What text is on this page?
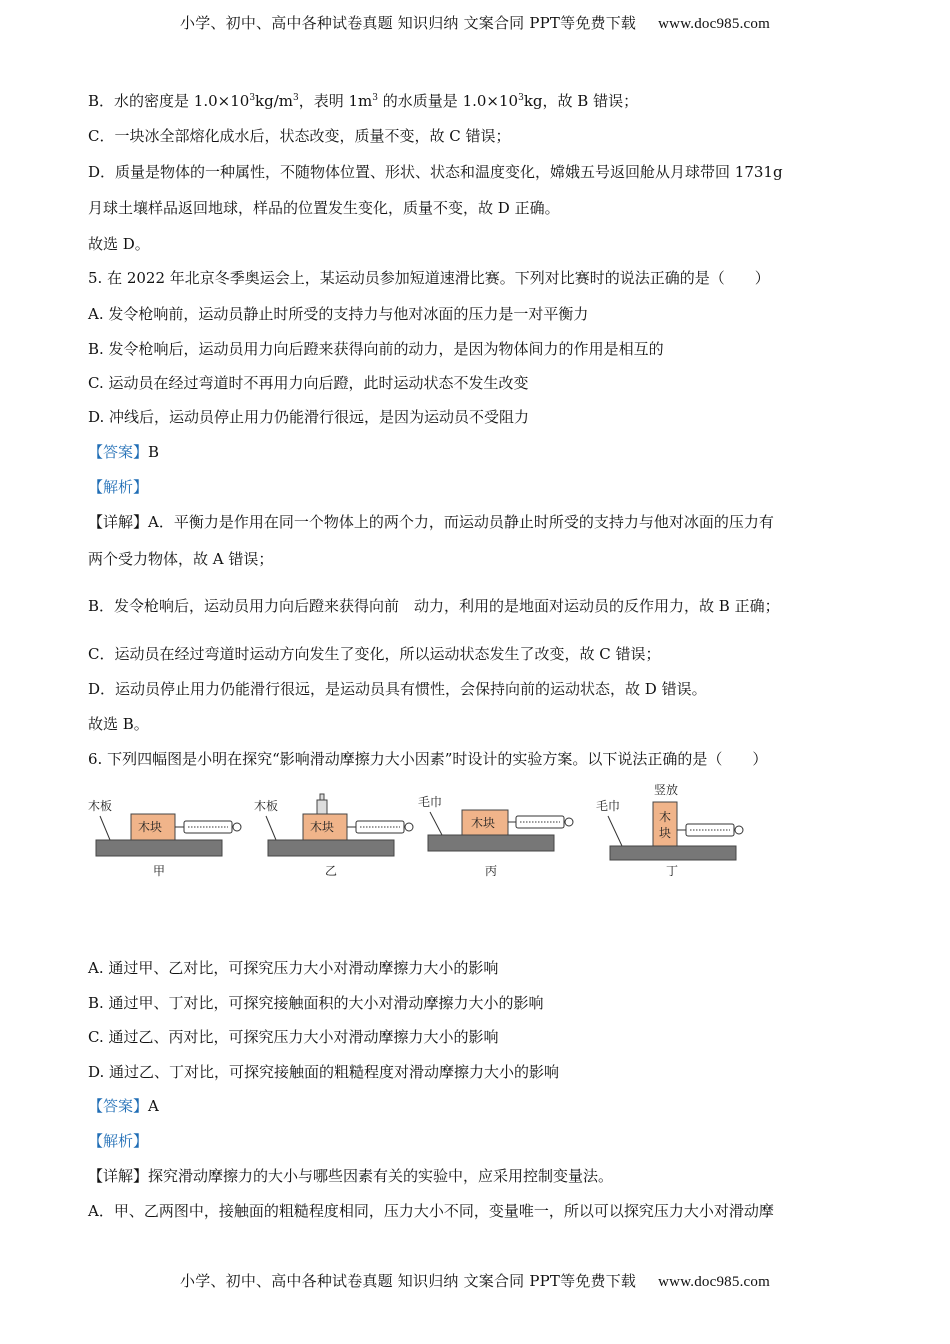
小学、初中、高中各种试卷真题 知识归纳 文案合同 PPT等免费下载 www.doc985.com
B．水的密度是 $1.0\times 10^3kg/m^3$，表明 $1m^3$ 的水质量是 $1.0\times 10^3kg$，故 B 错误；
C．一块冰全部熔化成水后，状态改变，质量不变，故 C 错误；
D．质量是物体的一种属性，不随物体位置、形状、状态和温度变化，嫦娥五号返回舱从月球带回 1731g
月球土壤样品返回地球，样品的位置发生变化，质量不变，故 D 正确。
故选 D。
5. 在 2022 年北京冬季奥运会上，某运动员参加短道速滑比赛。下列对比赛时的说法正确的是（　　）
A. 发令枪响前，运动员静止时所受的支持力与他对冰面的压力是一对平衡力
B. 发令枪响后，运动员用力向后蹬来获得向前的动力，是因为物体间力的作用是相互的
C. 运动员在经过弯道时不再用力向后蹬，此时运动状态不发生改变
D. 冲线后，运动员停止用力仍能滑行很远，是因为运动员不受阻力
【答案】B
【解析】
【详解】A．平衡力是作用在同一个物体上的两个力，而运动员静止时所受的支持力与他对冰面的压力有
两个受力物体，故 A 错误；
B．发令枪响后，运动员用力向后蹬来获得向前　动力，利用的是地面对运动员的反作用力，故 B 正确；
C．运动员在经过弯道时运动方向发生了变化，所以运动状态发生了改变，故 C 错误；
D．运动员停止用力仍能滑行很远，是运动员具有惯性，会保持向前的运动状态，故 D 错误。
故选 B。
6. 下列四幅图是小明在探究“影响滑动摩擦力大小因素”时设计的实验方案。以下说法正确的是（　　）
木板
木块
甲
木板
木块
乙
毛巾
木块
丙
毛巾
竖放
木
块
丁
A. 通过甲、乙对比，可探究压力大小对滑动摩擦力大小的影响
B. 通过甲、丁对比，可探究接触面积的大小对滑动摩擦力大小的影响
C. 通过乙、丙对比，可探究压力大小对滑动摩擦力大小的影响
D. 通过乙、丁对比，可探究接触面的粗糙程度对滑动摩擦力大小的影响
【答案】A
【解析】
【详解】探究滑动摩擦力的大小与哪些因素有关的实验中，应采用控制变量法。
A．甲、乙两图中，接触面的粗糙程度相同，压力大小不同，变量唯一，所以可以探究压力大小对滑动摩
小学、初中、高中各种试卷真题 知识归纳 文案合同 PPT等免费下载 www.doc985.com
